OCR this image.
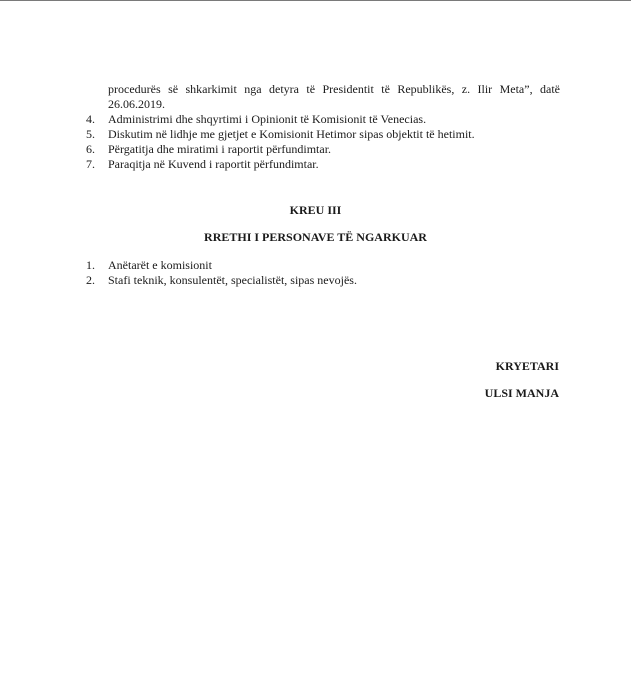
procedurës së shkarkimit nga detyra të Presidentit të Republikës, z. Ilir Meta”, datë
26.06.2019.
4.	Administrimi dhe shqyrtimi i Opinionit të Komisionit të Venecias.
5.	Diskutim në lidhje me gjetjet e Komisionit Hetimor sipas objektit të hetimit.
6.	Përgatitja dhe miratimi i raportit përfundimtar.
7.	Paraqitja në Kuvend i raportit përfundimtar.
KREU III
RRETHI I PERSONAVE TË NGARKUAR
1.	Anëtarët e komisionit
2.	Stafi teknik, konsulentët, specialistët, sipas nevojës.
KRYETARI
ULSI MANJA
